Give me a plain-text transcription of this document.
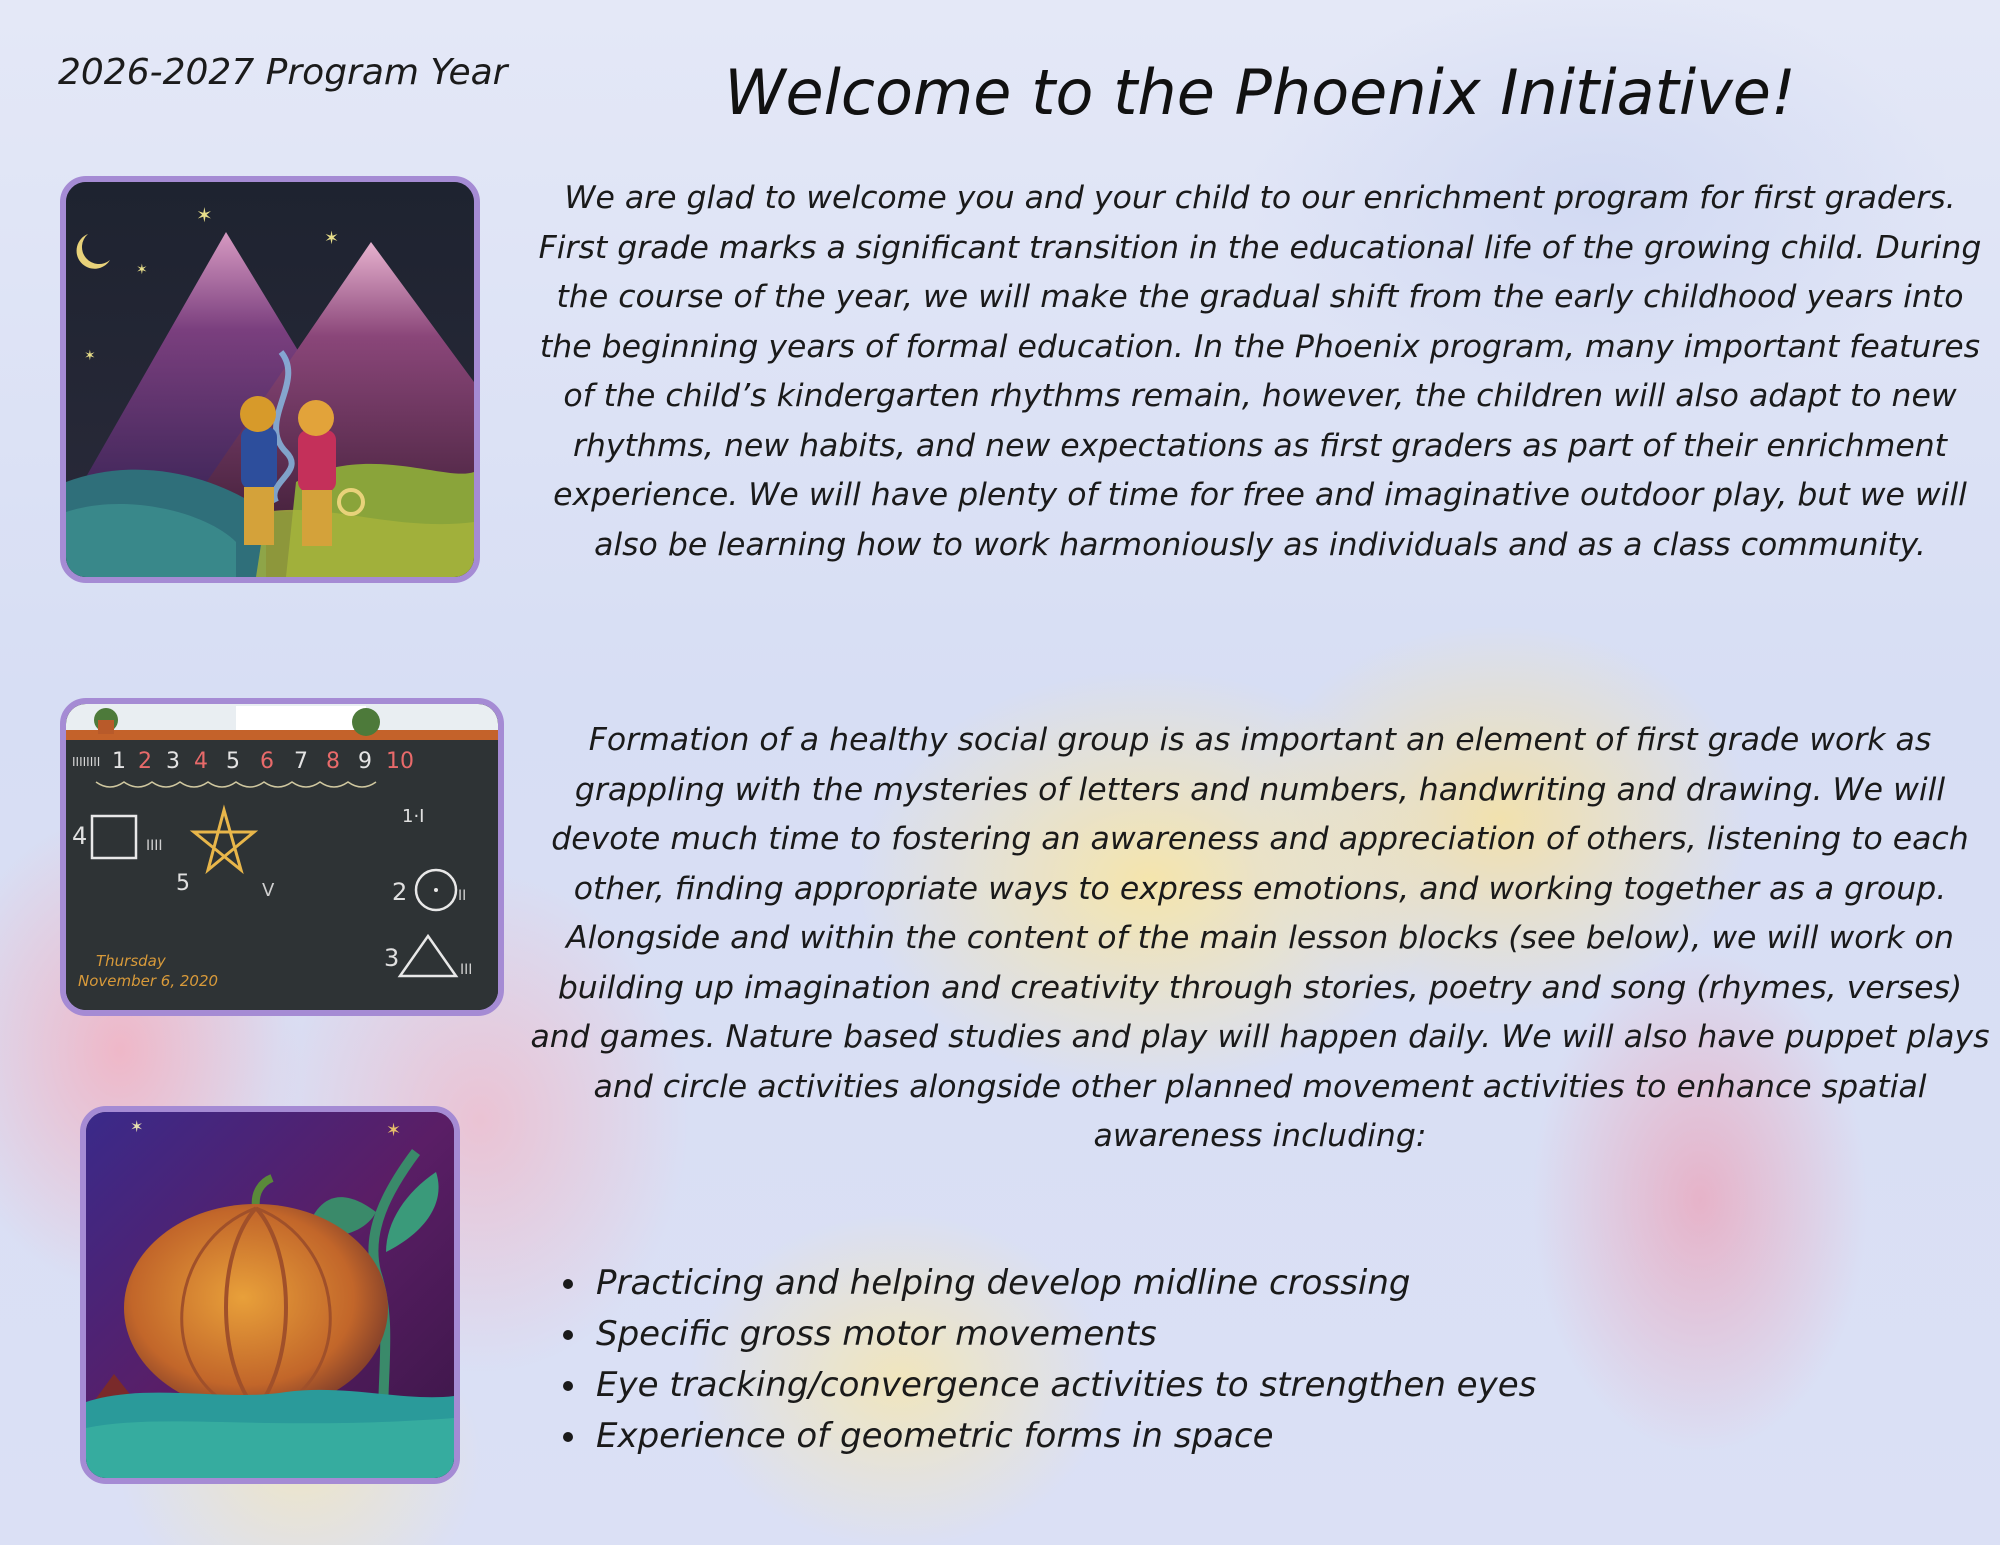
2026-2027 Program Year	Welcome to the Phoenix Initiative!

We are glad to welcome you and your child to our enrichment program for first graders. First grade marks a significant transition in the educational life of the growing child. During the course of the year, we will make the gradual shift from the early childhood years into the beginning years of formal education. In the Phoenix program, many important features of the child’s kindergarten rhythms remain, however, the children will also adapt to new rhythms, new habits, and new expectations as first graders as part of their enrichment experience. We will have plenty of time for free and imaginative outdoor play, but we will also be learning how to work harmoniously as individuals and as a class community.

Formation of a healthy social group is as important an element of first grade work as grappling with the mysteries of letters and numbers, handwriting and drawing. We will devote much time to fostering an awareness and appreciation of others, listening to each other, finding appropriate ways to express emotions, and working together as a group. Alongside and within the content of the main lesson blocks (see below), we will work on building up imagination and creativity through stories, poetry and song (rhymes, verses) and games. Nature based studies and play will happen daily. We will also have puppet plays and circle activities alongside other planned movement activities to enhance spatial awareness including:

• Practicing and helping develop midline crossing
• Specific gross motor movements
• Eye tracking/convergence activities to strengthen eyes
• Experience of geometric forms in space
✶
✶
✶
✶
IIIIIIII 1 2 3 4 5 6 7 8 9 10
4	IIII
5	V
1·I
2	II
3	III
Thursday
November 6, 2020
✶	✶
